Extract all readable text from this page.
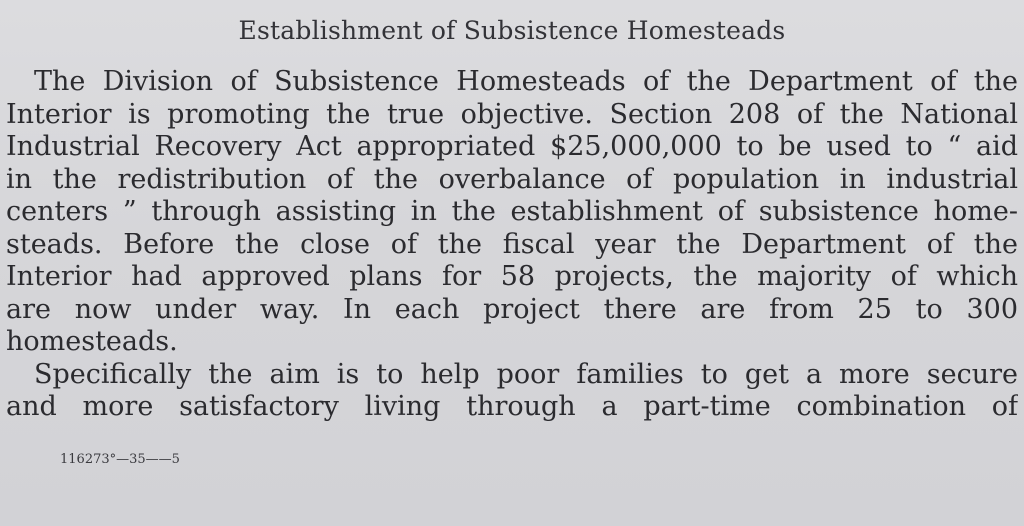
Establishment of Subsistence Homesteads
The Division of Subsistence Homesteads of the Department of the
Interior is promoting the true objective. Section 208 of the National
Industrial Recovery Act appropriated $25,000,000 to be used to “ aid
in the redistribution of the overbalance of population in industrial
centers ” through assisting in the establishment of subsistence home-
steads. Before the close of the fiscal year the Department of the
Interior had approved plans for 58 projects, the majority of which
are now under way. In each project there are from 25 to 300
homesteads.
Specifically the aim is to help poor families to get a more secure
and more satisfactory living through a part-time combination of
116273°—35——5
